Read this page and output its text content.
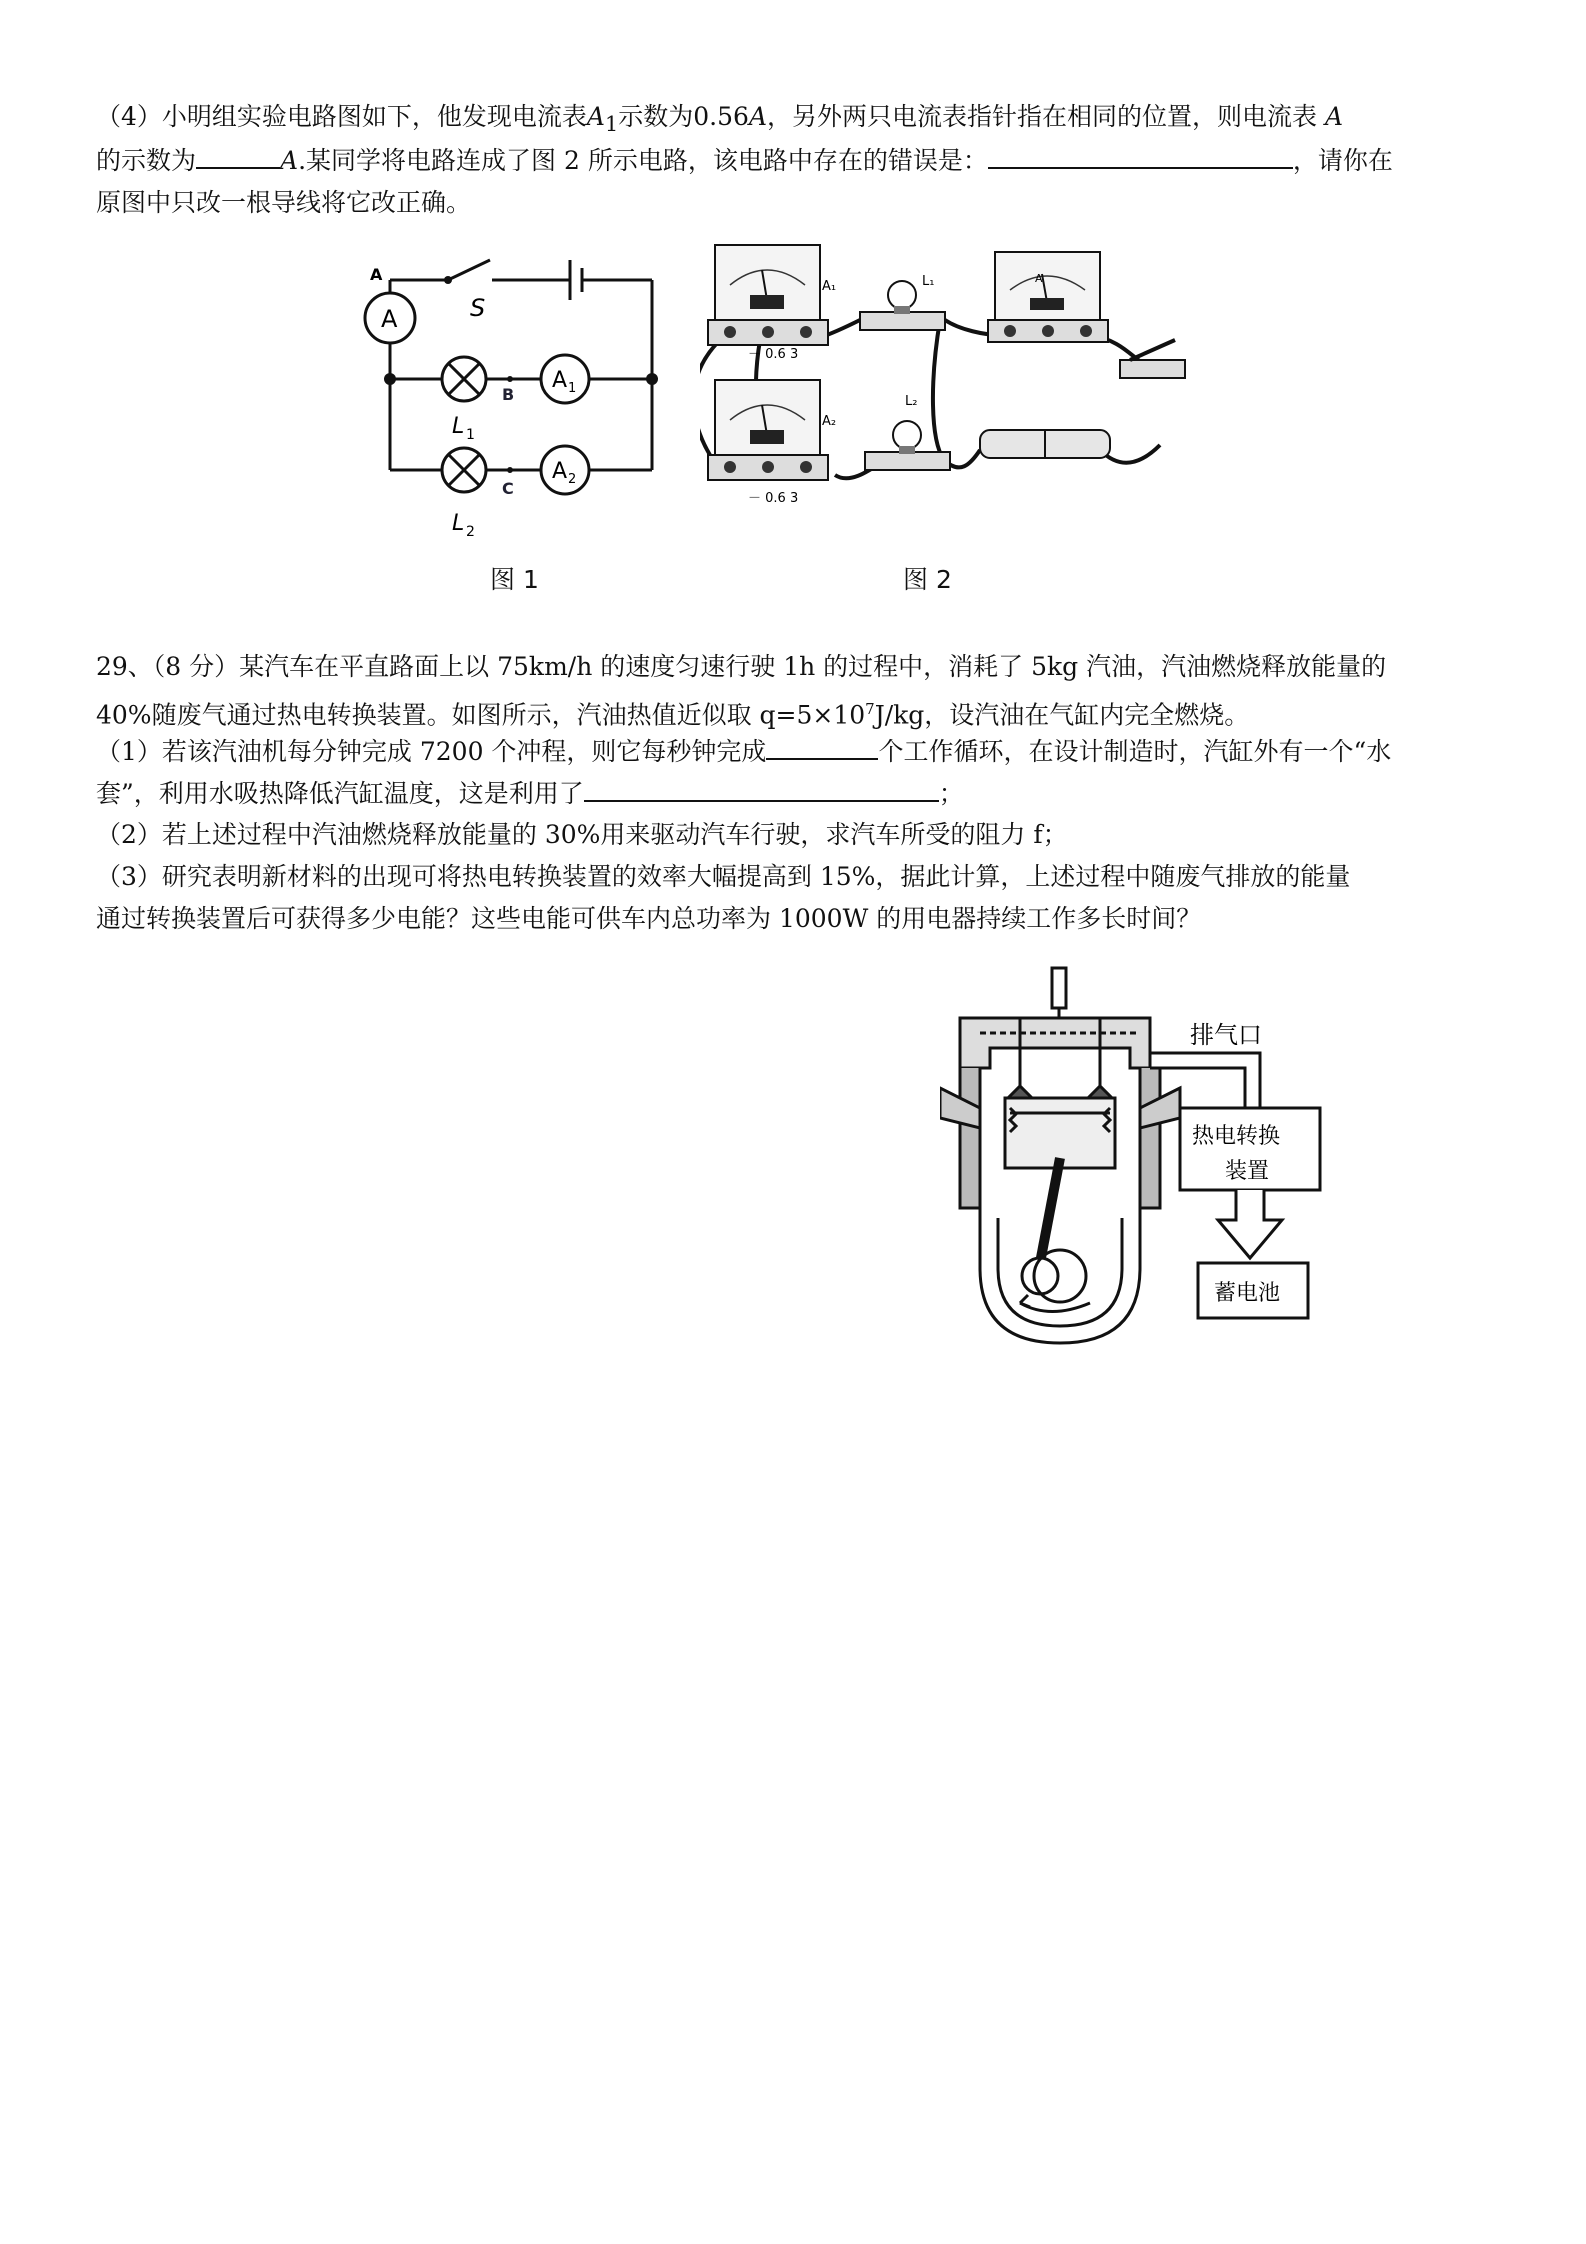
（4）小明组实验电路图如下，他发现电流表$A_1$示数为0.56A，另外两只电流表指针指在相同的位置，则电流表 A
的示数为	A.某同学将电路连成了图 2 所示电路，该电路中存在的错误是：	，请你在
原图中只改一根导线将它改正确。
A
A
S
L 1
B
A 1
L 2
C
A 2
图 1
－ 0.6 3
A₁
－ 0.6 3
A₂
L₁
L₂
A
图 2
29、（8 分）某汽车在平直路面上以 75km/h 的速度匀速行驶 1h 的过程中，消耗了 5kg 汽油，汽油燃烧释放能量的
40%随废气通过热电转换装置。如图所示，汽油热值近似取 $q=5\times 10^7J/kg$，设汽油在气缸内完全燃烧。
（1）若该汽油机每分钟完成 7200 个冲程，则它每秒钟完成	个工作循环，在设计制造时，汽缸外有一个“水
套”，利用水吸热降低汽缸温度，这是利用了	；
（2）若上述过程中汽油燃烧释放能量的 30%用来驱动汽车行驶，求汽车所受的阻力 f；
（3）研究表明新材料的出现可将热电转换装置的效率大幅提高到 15%，据此计算，上述过程中随废气排放的能量
通过转换装置后可获得多少电能？这些电能可供车内总功率为 1000W 的用电器持续工作多长时间？
排气口
热电转换
装置
蓄电池
